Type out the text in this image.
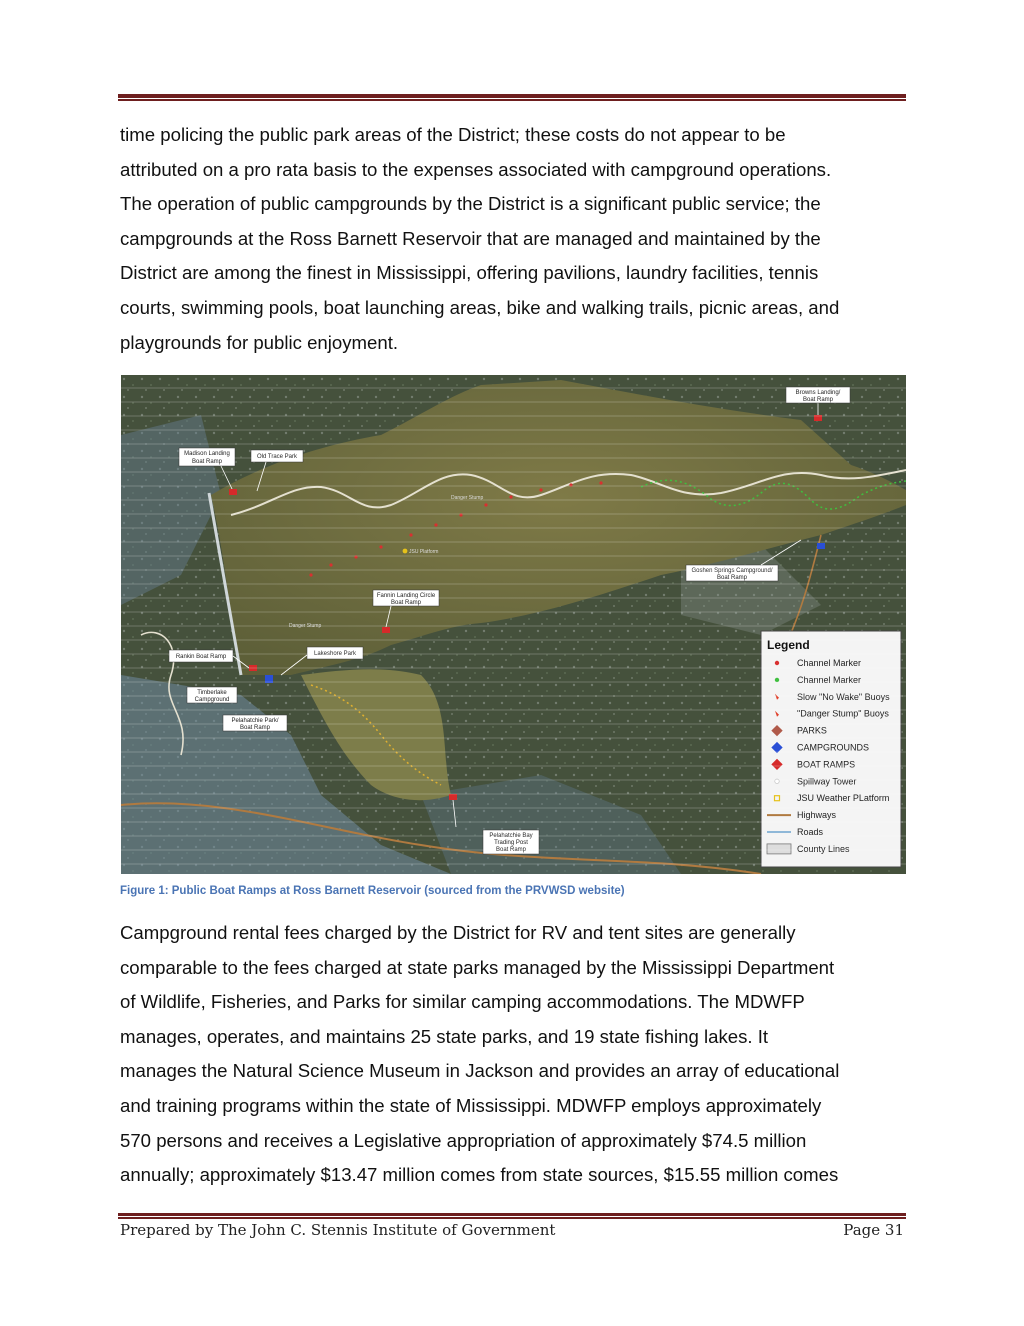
time policing the public park areas of the District; these costs do not appear to be
attributed on a pro rata basis to the expenses associated with campground operations.
The operation of public campgrounds by the District is a significant public service; the
campgrounds at the Ross Barnett Reservoir that are managed and maintained by the
District are among the finest in Mississippi, offering pavilions, laundry facilities, tennis
courts, swimming pools, boat launching areas, bike and walking trails, picnic areas, and
playgrounds for public enjoyment.
Figure 1: Public Boat Ramps at Ross Barnett Reservoir (sourced from the PRVWSD website)
Campground rental fees charged by the District for RV and tent sites are generally
comparable to the fees charged at state parks managed by the Mississippi Department
of Wildlife, Fisheries, and Parks for similar camping accommodations. The MDWFP
manages, operates, and maintains 25 state parks, and 19 state fishing lakes. It
manages the Natural Science Museum in Jackson and provides an array of educational
and training programs within the state of Mississippi. MDWFP employs approximately
570 persons and receives a Legislative appropriation of approximately $74.5 million
annually; approximately $13.47 million comes from state sources, $15.55 million comes
Prepared by The John C. Stennis Institute of Government	Page 31
